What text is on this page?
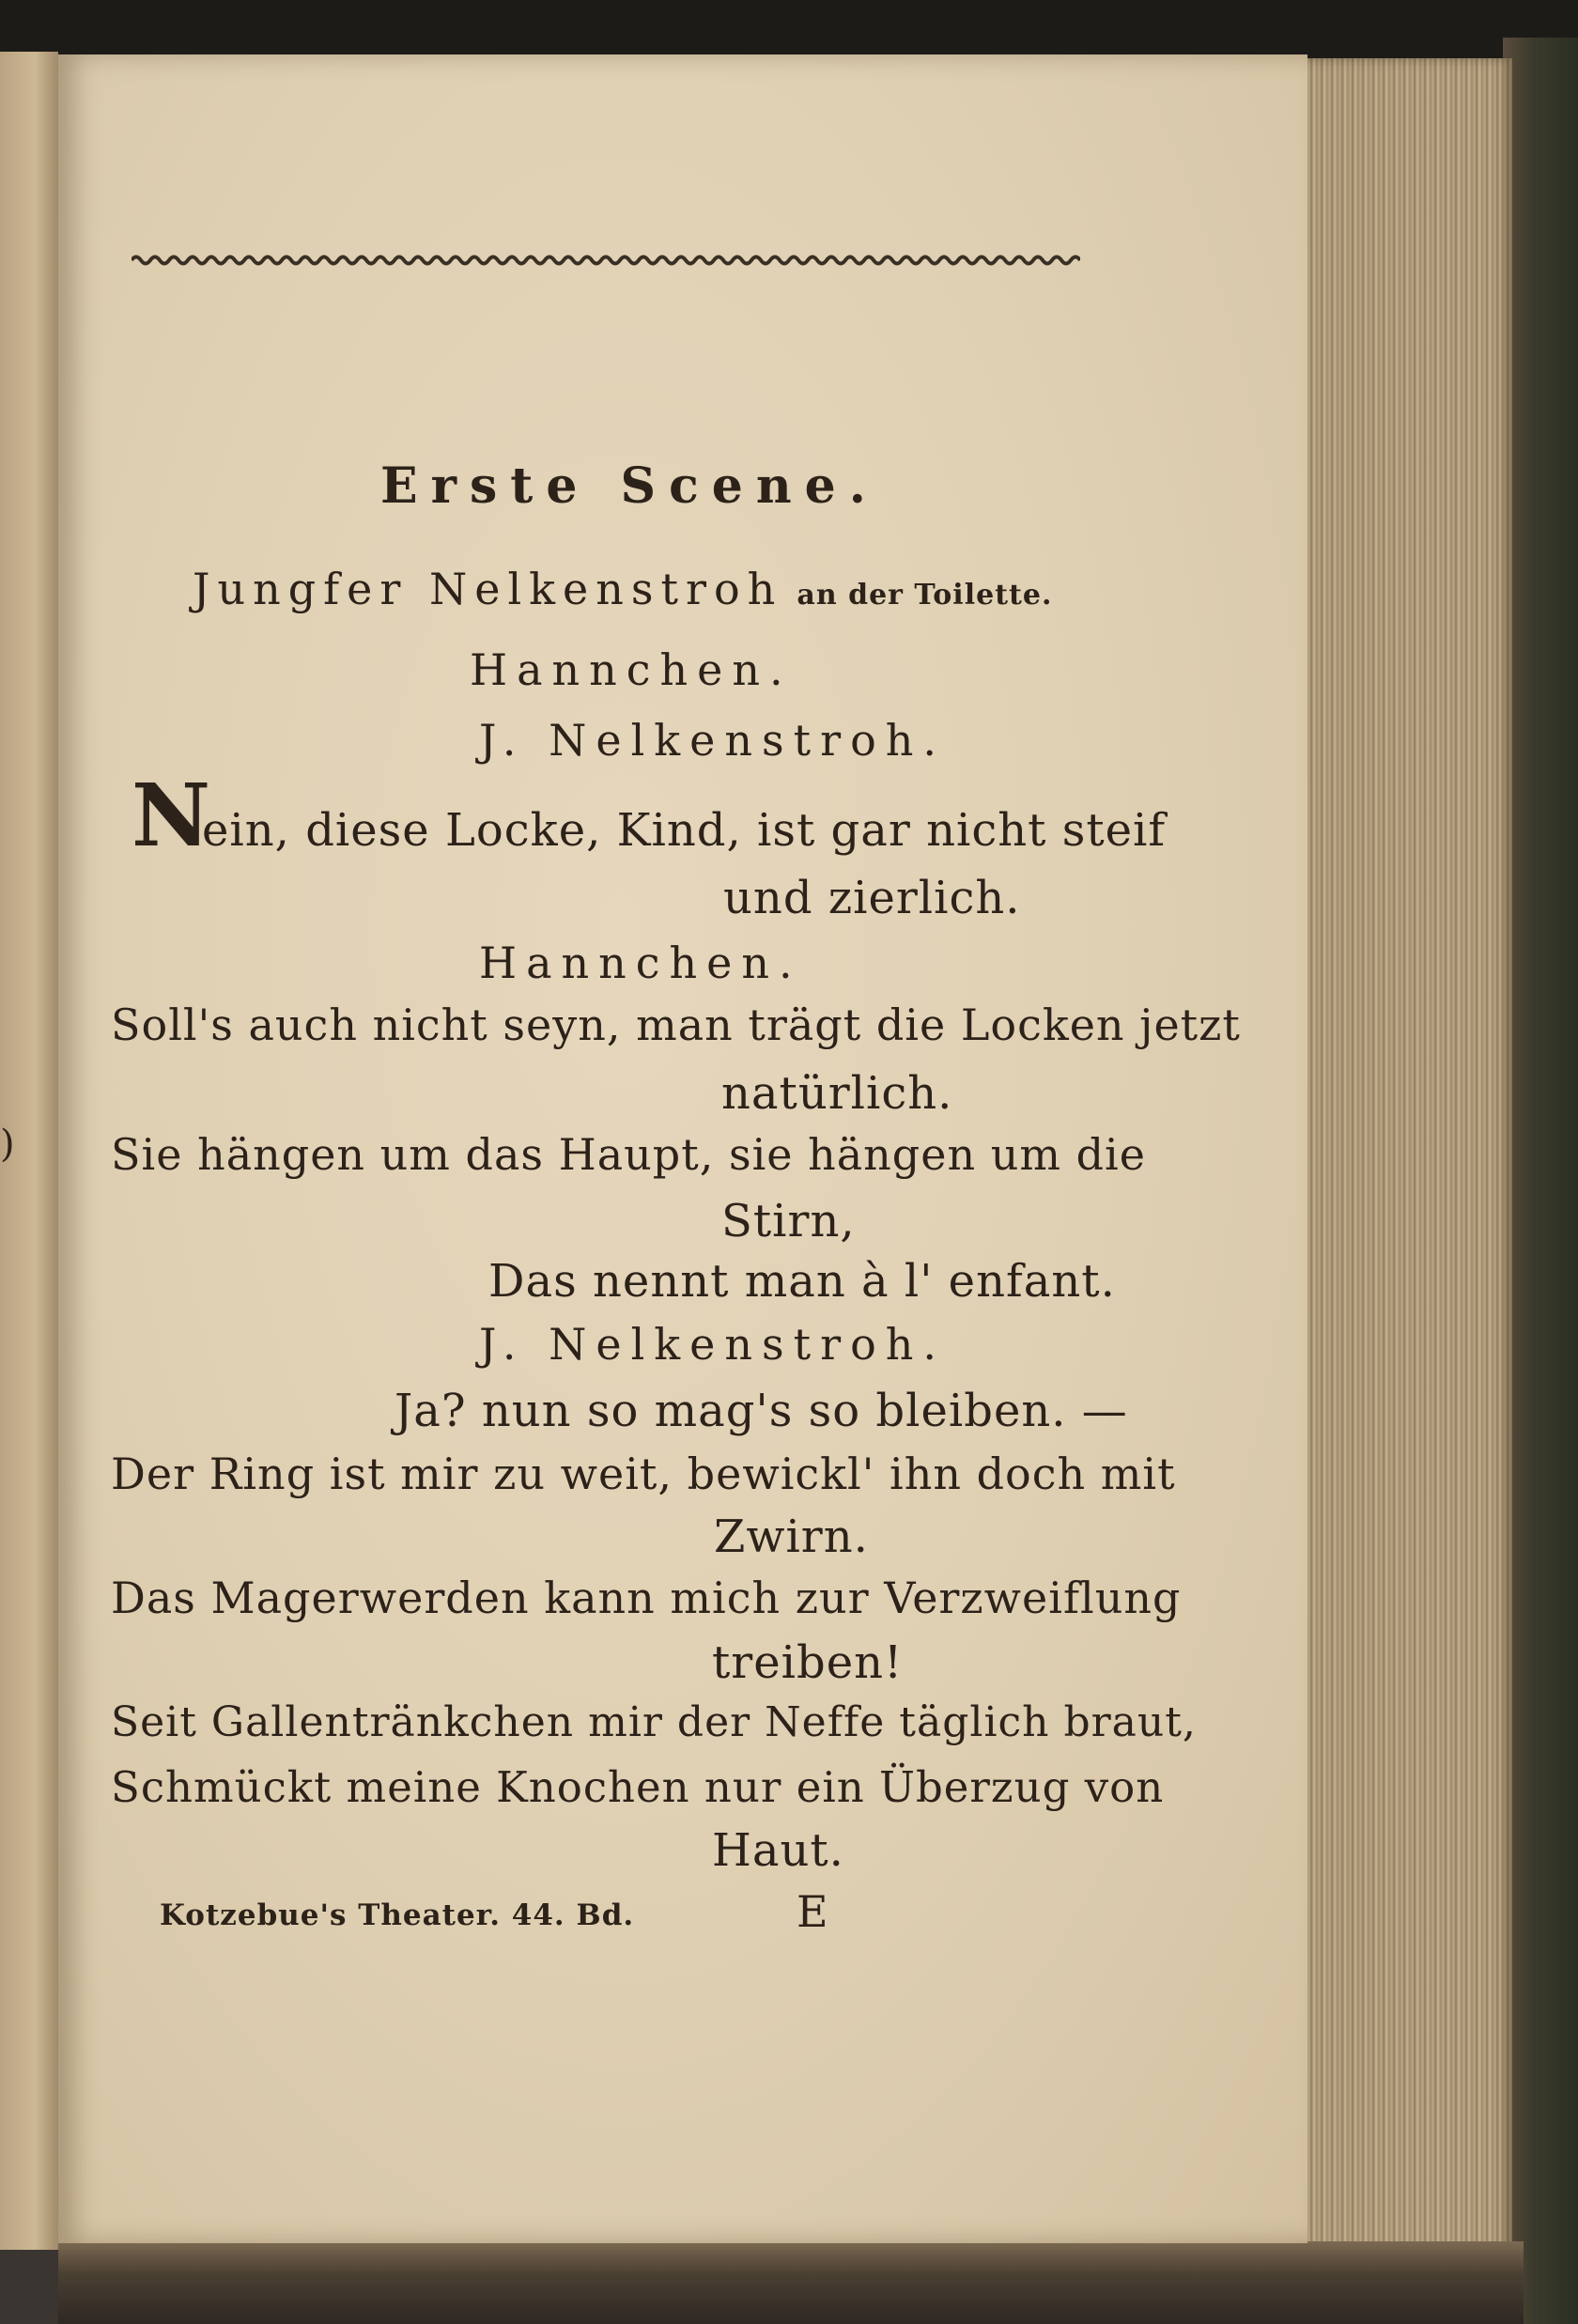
)
Erste Scene.
Jungfer Nelkenstroh an der Toilette.
Hannchen.
J. Nelkenstroh.
N
ein, diese Locke, Kind, ist gar nicht steif
und zierlich.
Hannchen.
Soll's auch nicht seyn, man trägt die Locken jetzt
natürlich.
Sie hängen um das Haupt, sie hängen um die
Stirn,
Das nennt man à l' enfant.
J. Nelkenstroh.
Ja? nun so mag's so bleiben. —
Der Ring ist mir zu weit, bewickl' ihn doch mit
Zwirn.
Das Magerwerden kann mich zur Verzweiflung
treiben!
Seit Gallentränkchen mir der Neffe täglich braut,
Schmückt meine Knochen nur ein Überzug von
Haut.
Kotzebue's Theater. 44. Bd.	E
